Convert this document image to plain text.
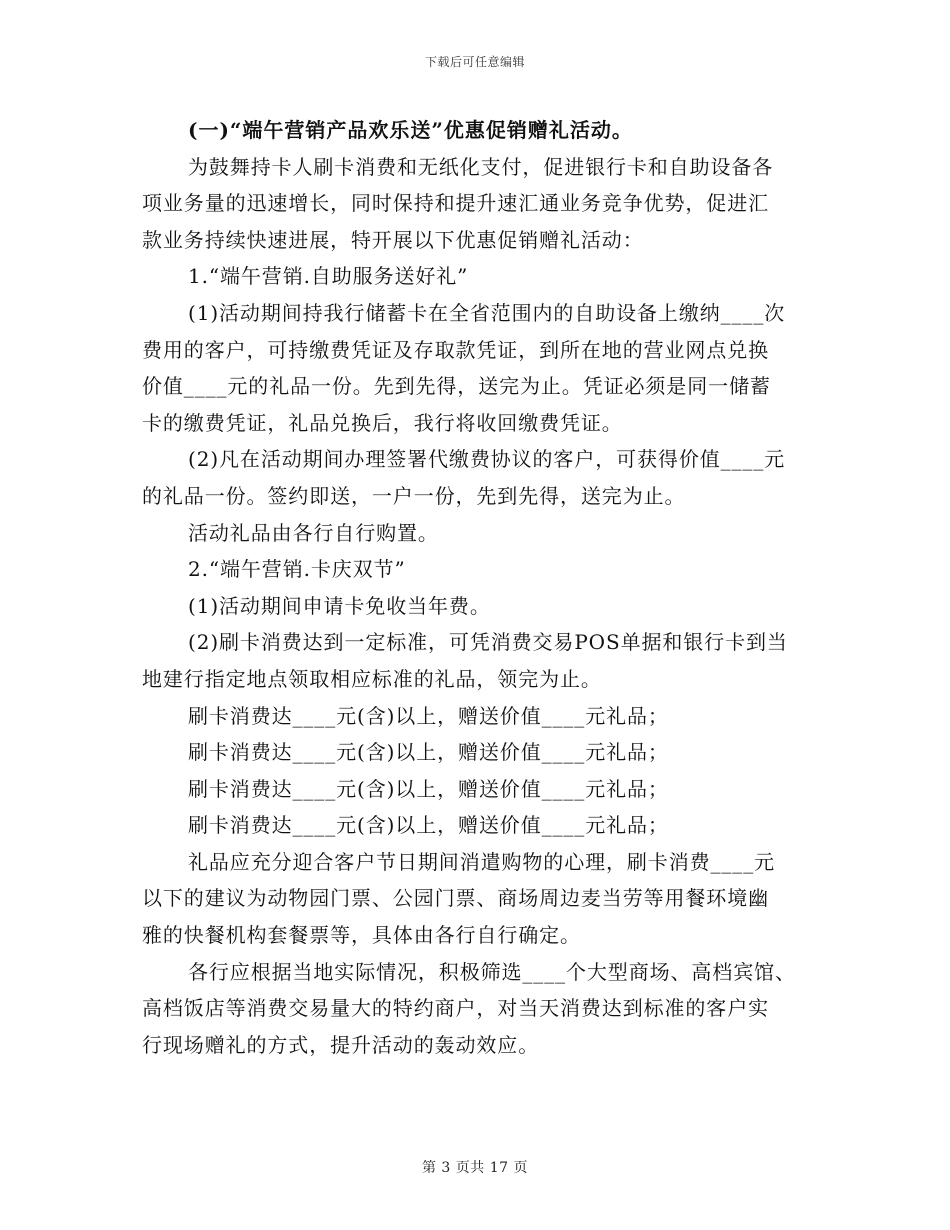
下载后可任意编辑
(一)“端午营销产品欢乐送”优惠促销赠礼活动。
为鼓舞持卡人刷卡消费和无纸化支付，促进银行卡和自助设备各
项业务量的迅速增长，同时保持和提升速汇通业务竞争优势，促进汇
款业务持续快速进展，特开展以下优惠促销赠礼活动：
1.“端午营销.自助服务送好礼”
(1)活动期间持我行储蓄卡在全省范围内的自助设备上缴纳____次
费用的客户，可持缴费凭证及存取款凭证，到所在地的营业网点兑换
价值____元的礼品一份。先到先得，送完为止。凭证必须是同一储蓄
卡的缴费凭证，礼品兑换后，我行将收回缴费凭证。
(2)凡在活动期间办理签署代缴费协议的客户，可获得价值____元
的礼品一份。签约即送，一户一份，先到先得，送完为止。
活动礼品由各行自行购置。
2.“端午营销.卡庆双节”
(1)活动期间申请卡免收当年费。
(2)刷卡消费达到一定标准，可凭消费交易POS单据和银行卡到当
地建行指定地点领取相应标准的礼品，领完为止。
刷卡消费达____元(含)以上，赠送价值____元礼品；
刷卡消费达____元(含)以上，赠送价值____元礼品；
刷卡消费达____元(含)以上，赠送价值____元礼品；
刷卡消费达____元(含)以上，赠送价值____元礼品；
礼品应充分迎合客户节日期间消遣购物的心理，刷卡消费____元
以下的建议为动物园门票、公园门票、商场周边麦当劳等用餐环境幽
雅的快餐机构套餐票等，具体由各行自行确定。
各行应根据当地实际情况，积极筛选____个大型商场、高档宾馆、
高档饭店等消费交易量大的特约商户，对当天消费达到标准的客户实
行现场赠礼的方式，提升活动的轰动效应。
第 3 页共 17 页
